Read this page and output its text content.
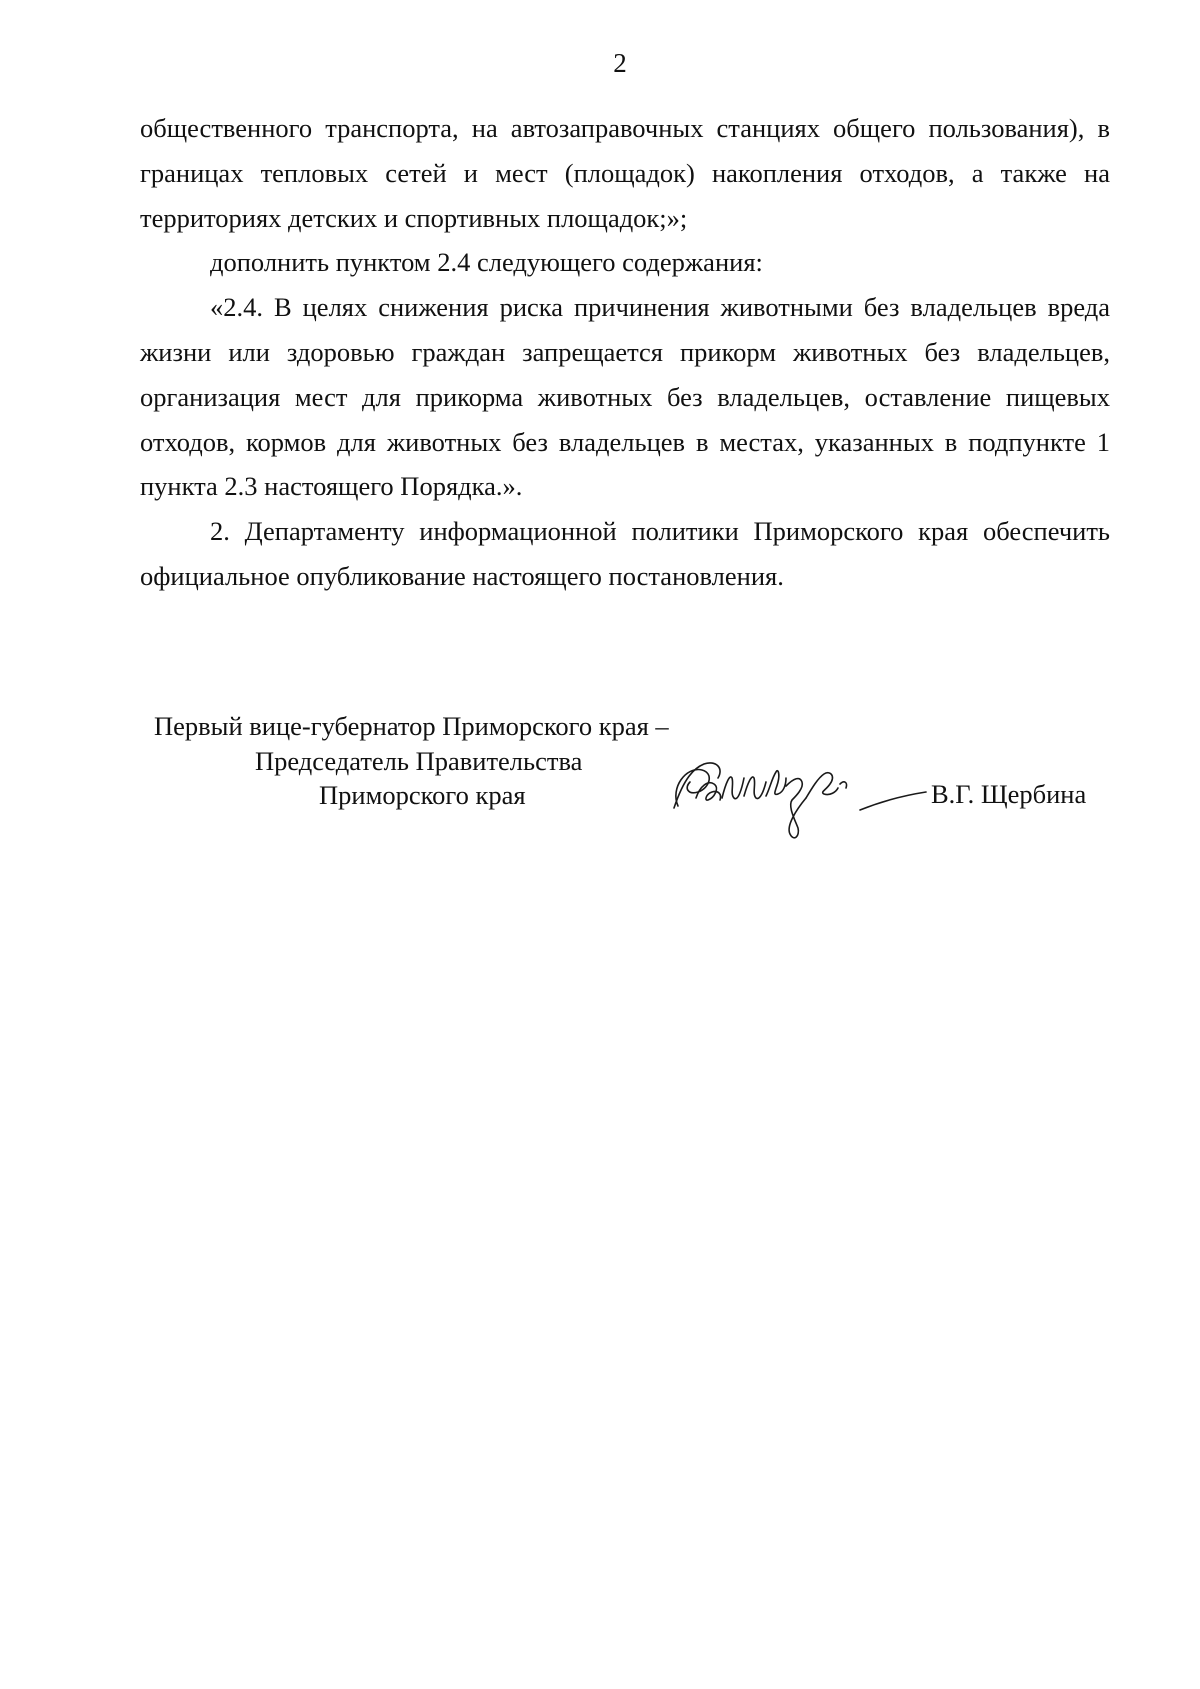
2

общественного транспорта, на автозаправочных станциях общего пользования), в границах тепловых сетей и мест (площадок) накопления отходов, а также на территориях детских и спортивных площадок;»;

дополнить пунктом 2.4 следующего содержания:

«2.4. В целях снижения риска причинения животными без владельцев вреда жизни или здоровью граждан запрещается прикорм животных без владельцев, организация мест для прикорма животных без владельцев, оставление пищевых отходов, кормов для животных без владельцев в местах, указанных в подпункте 1 пункта 2.3 настоящего Порядка.».

2. Департаменту информационной политики Приморского края обеспечить официальное опубликование настоящего постановления.

Первый вице-губернатор Приморского края –
Председатель Правительства
Приморского края	В.Г. Щербина
